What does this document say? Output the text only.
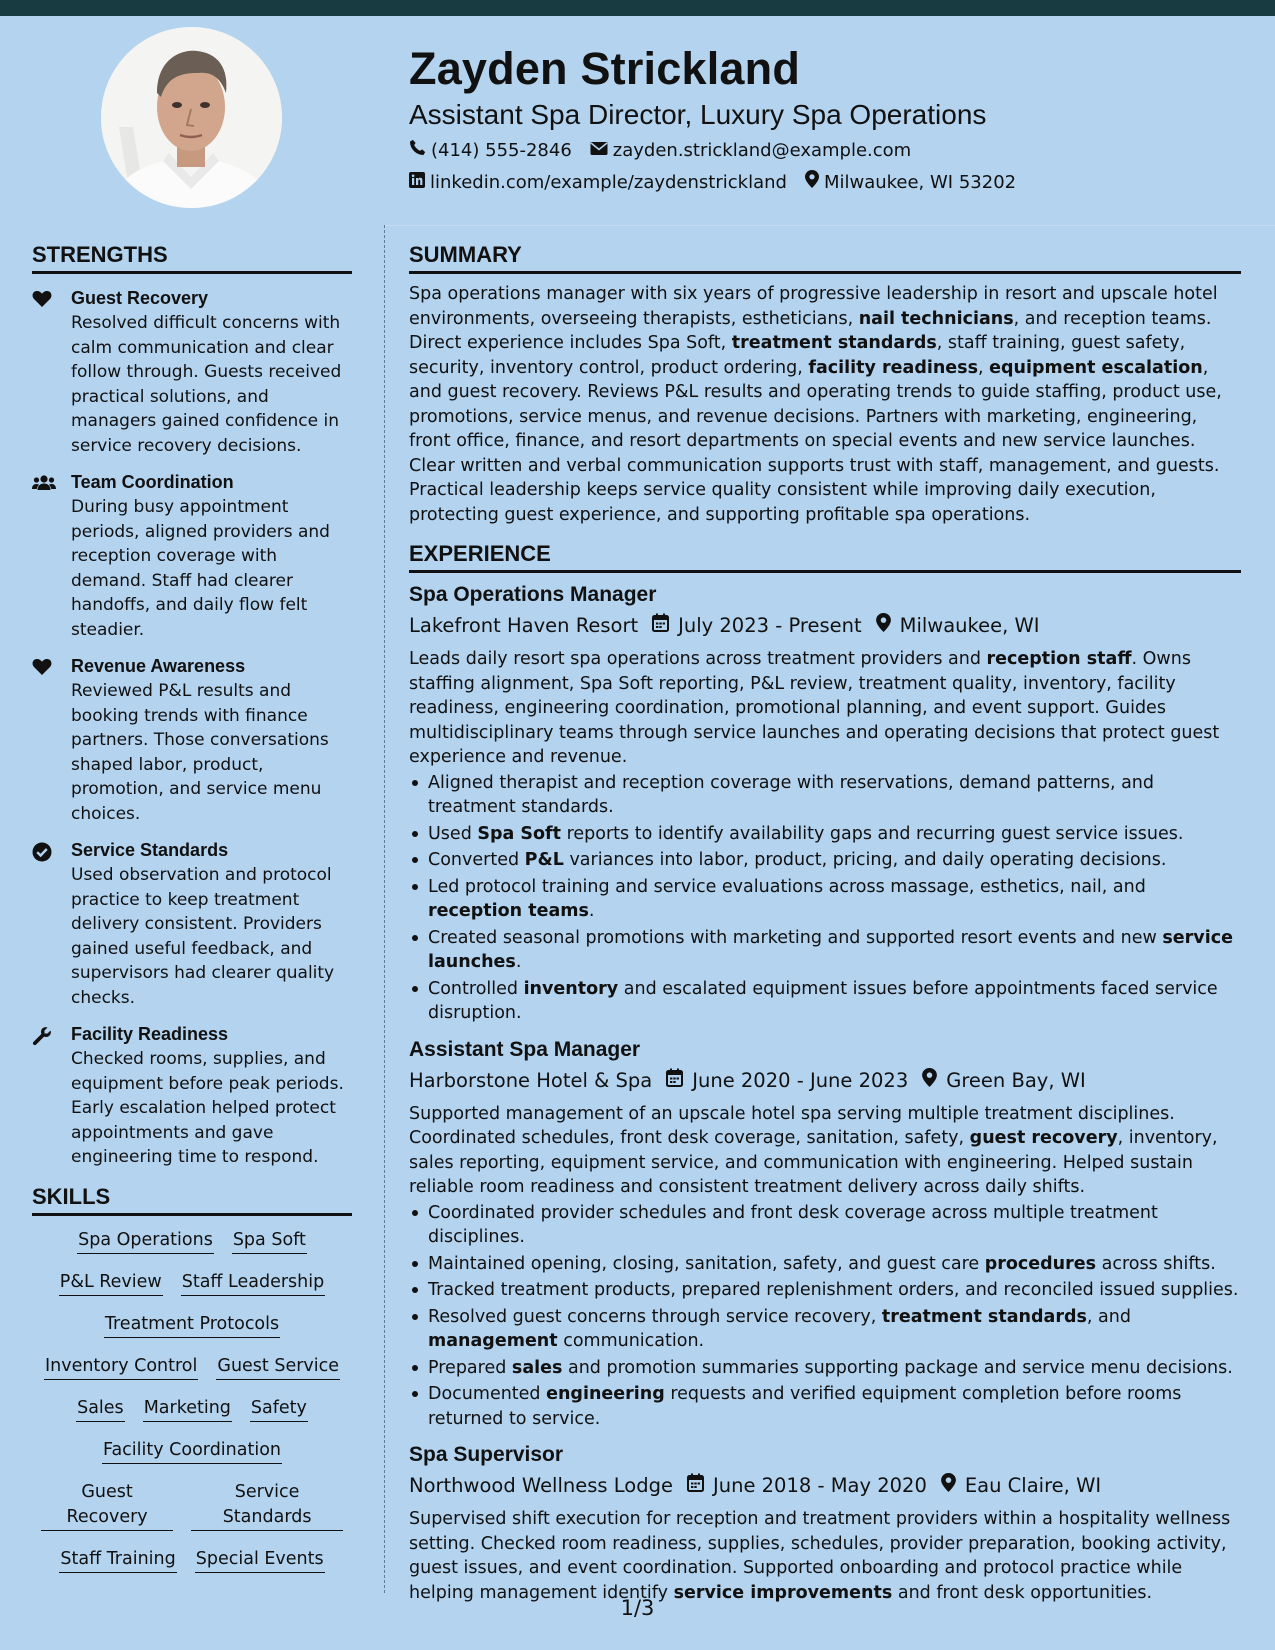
Zayden Strickland
Assistant Spa Director, Luxury Spa Operations
(414) 555-2846 zayden.strickland@example.com
linkedin.com/example/zaydenstrickland Milwaukee, WI 53202
STRENGTHS
Guest Recovery
Resolved difficult concerns with calm communication and clear follow through. Guests received practical solutions, and managers gained confidence in service recovery decisions.
Team Coordination
During busy appointment periods, aligned providers and reception coverage with demand. Staff had clearer handoffs, and daily flow felt steadier.
Revenue Awareness
Reviewed P&L results and booking trends with finance partners. Those conversations shaped labor, product, promotion, and service menu choices.
Service Standards
Used observation and protocol practice to keep treatment delivery consistent. Providers gained useful feedback, and supervisors had clearer quality checks.
Facility Readiness
Checked rooms, supplies, and equipment before peak periods. Early escalation helped protect appointments and gave engineering time to respond.
SKILLS
Spa Operations Spa Soft
P&L Review Staff Leadership
Treatment Protocols
Inventory Control Guest Service
Sales Marketing Safety
Facility Coordination
Guest Recovery
Service Standards
Staff Training Special Events
SUMMARY
Spa operations manager with six years of progressive leadership in resort and upscale hotel environments, overseeing therapists, estheticians, nail technicians, and reception teams. Direct experience includes Spa Soft, treatment standards, staff training, guest safety, security, inventory control, product ordering, facility readiness, equipment escalation, and guest recovery. Reviews P&L results and operating trends to guide staffing, product use, promotions, service menus, and revenue decisions. Partners with marketing, engineering, front office, finance, and resort departments on special events and new service launches. Clear written and verbal communication supports trust with staff, management, and guests. Practical leadership keeps service quality consistent while improving daily execution, protecting guest experience, and supporting profitable spa operations.
EXPERIENCE
Spa Operations Manager
Lakefront Haven Resort July 2023 - Present Milwaukee, WI
Leads daily resort spa operations across treatment providers and reception staff. Owns staffing alignment, Spa Soft reporting, P&L review, treatment quality, inventory, facility readiness, engineering coordination, promotional planning, and event support. Guides multidisciplinary teams through service launches and operating decisions that protect guest experience and revenue.
Aligned therapist and reception coverage with reservations, demand patterns, and treatment standards.
Used Spa Soft reports to identify availability gaps and recurring guest service issues.
Converted P&L variances into labor, product, pricing, and daily operating decisions.
Led protocol training and service evaluations across massage, esthetics, nail, and reception teams.
Created seasonal promotions with marketing and supported resort events and new service launches.
Controlled inventory and escalated equipment issues before appointments faced service disruption.
Assistant Spa Manager
Harborstone Hotel & Spa June 2020 - June 2023 Green Bay, WI
Supported management of an upscale hotel spa serving multiple treatment disciplines. Coordinated schedules, front desk coverage, sanitation, safety, guest recovery, inventory, sales reporting, equipment service, and communication with engineering. Helped sustain reliable room readiness and consistent treatment delivery across daily shifts.
Coordinated provider schedules and front desk coverage across multiple treatment disciplines.
Maintained opening, closing, sanitation, safety, and guest care procedures across shifts.
Tracked treatment products, prepared replenishment orders, and reconciled issued supplies.
Resolved guest concerns through service recovery, treatment standards, and management communication.
Prepared sales and promotion summaries supporting package and service menu decisions.
Documented engineering requests and verified equipment completion before rooms returned to service.
Spa Supervisor
Northwood Wellness Lodge June 2018 - May 2020 Eau Claire, WI
Supervised shift execution for reception and treatment providers within a hospitality wellness setting. Checked room readiness, supplies, schedules, provider preparation, booking activity, guest issues, and event coordination. Supported onboarding and protocol practice while helping management identify service improvements and front desk opportunities.
1/3
